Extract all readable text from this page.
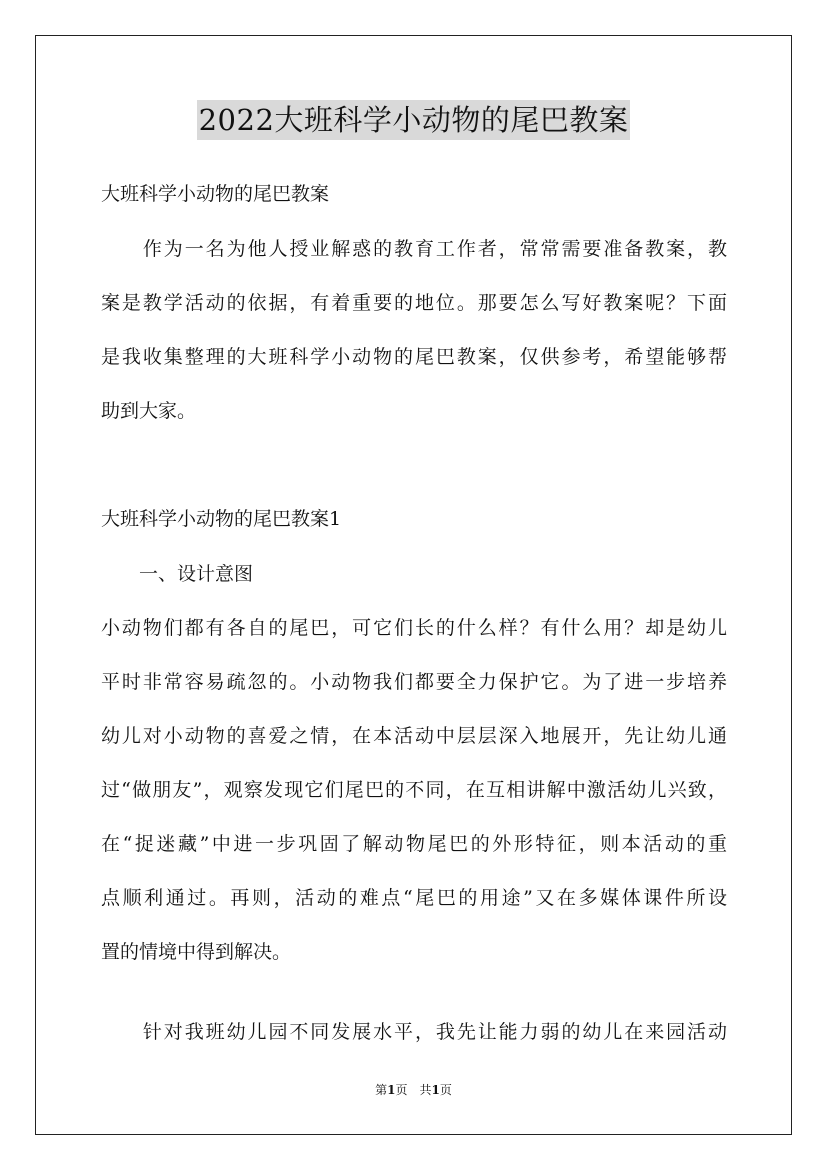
2022大班科学小动物的尾巴教案
大班科学小动物的尾巴教案
　　作为一名为他人授业解惑的教育工作者，常常需要准备教案，教
案是教学活动的依据，有着重要的地位。那要怎么写好教案呢？下面
是我收集整理的大班科学小动物的尾巴教案，仅供参考，希望能够帮
助到大家。
大班科学小动物的尾巴教案1
　　一、设计意图
小动物们都有各自的尾巴，可它们长的什么样？有什么用？却是幼儿
平时非常容易疏忽的。小动物我们都要全力保护它。为了进一步培养
幼儿对小动物的喜爱之情，在本活动中层层深入地展开，先让幼儿通
过“做朋友”，观察发现它们尾巴的不同，在互相讲解中激活幼儿兴致，
在“捉迷藏”中进一步巩固了解动物尾巴的外形特征，则本活动的重
点顺利通过。再则，活动的难点“尾巴的用途”又在多媒体课件所设
置的情境中得到解决。
　　针对我班幼儿园不同发展水平，我先让能力弱的幼儿在来园活动
第1页　共1页
